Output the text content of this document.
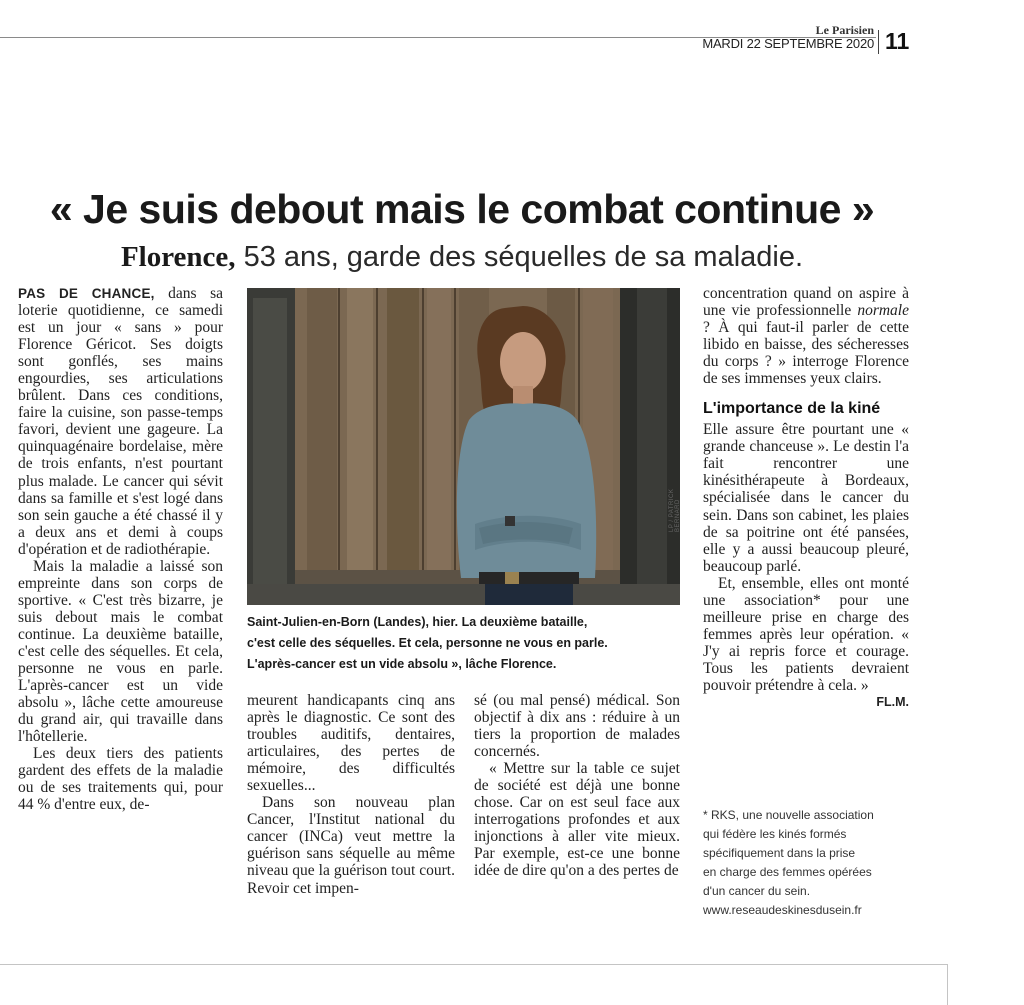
Le Parisien
MARDI 22 SEPTEMBRE 2020 11
« Je suis debout mais le combat continue »
Florence, 53 ans, garde des séquelles de sa maladie.

PAS DE CHANCE, dans sa loterie quotidienne, ce samedi est un jour « sans » pour Florence Géricot. Ses doigts sont gonflés, ses mains engourdies, ses articulations brûlent. Dans ces conditions, faire la cuisine, son passe-temps favori, devient une gageure. La quinquagénaire bordelaise, mère de trois enfants, n'est pourtant plus malade. Le cancer qui sévit dans sa famille et s'est logé dans son sein gauche a été chassé il y a deux ans et demi à coups d'opération et de radiothérapie.

Mais la maladie a laissé son empreinte dans son corps de sportive. « C'est très bizarre, je suis debout mais le combat continue. La deuxième bataille, c'est celle des séquelles. Et cela, personne ne vous en parle. L'après-cancer est un vide absolu », lâche cette amoureuse du grand air, qui travaille dans l'hôtellerie.

Les deux tiers des patients gardent des effets de la maladie ou de ses traitements qui, pour 44 % d'entre eux, de-

LP / PATRICK BERNARD
Saint-Julien-en-Born (Landes), hier. La deuxième bataille,
c'est celle des séquelles. Et cela, personne ne vous en parle.
L'après-cancer est un vide absolu », lâche Florence.

meurent handicapants cinq ans après le diagnostic. Ce sont des troubles auditifs, dentaires, articulaires, des pertes de mémoire, des difficultés sexuelles...

Dans son nouveau plan Cancer, l'Institut national du cancer (INCa) veut mettre la guérison sans séquelle au même niveau que la guérison tout court. Revoir cet impen-

sé (ou mal pensé) médical. Son objectif à dix ans : réduire à un tiers la proportion de malades concernés.

« Mettre sur la table ce sujet de société est déjà une bonne chose. Car on est seul face aux interrogations profondes et aux injonctions à aller vite mieux. Par exemple, est-ce une bonne idée de dire qu'on a des pertes de

concentration quand on aspire à une vie professionnelle normale ? À qui faut-il parler de cette libido en baisse, des sécheresses du corps ? » interroge Florence de ses immenses yeux clairs.

L'importance de la kiné

Elle assure être pourtant une « grande chanceuse ». Le destin l'a fait rencontrer une kinésithérapeute à Bordeaux, spécialisée dans le cancer du sein. Dans son cabinet, les plaies de sa poitrine ont été pansées, elle y a aussi beaucoup pleuré, beaucoup parlé.

Et, ensemble, elles ont monté une association* pour une meilleure prise en charge des femmes après leur opération. « J'y ai repris force et courage. Tous les patients devraient pouvoir prétendre à cela. »
FL.M.

* RKS, une nouvelle association

qui fédère les kinés formés

spécifiquement dans la prise

en charge des femmes opérées

d'un cancer du sein.

www.reseaudeskinesdusein.fr
